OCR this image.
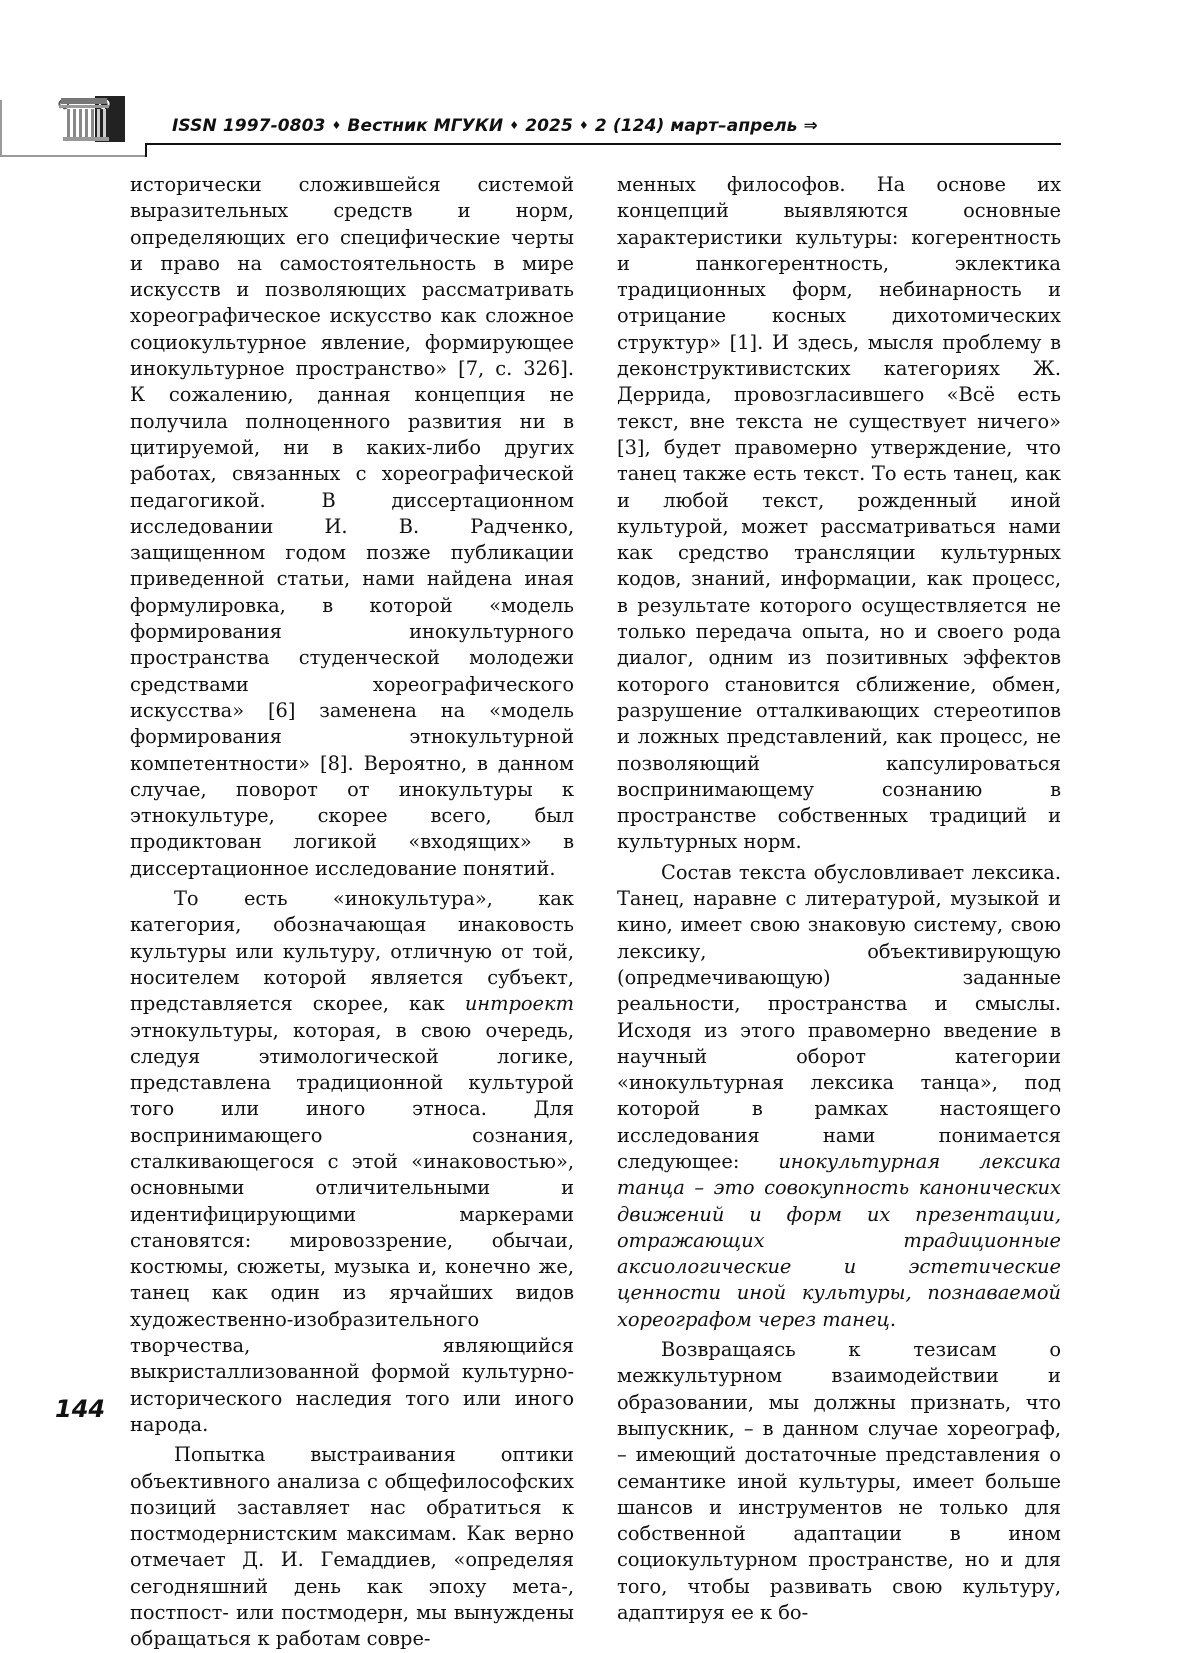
ISSN 1997-0803 ♦ Вестник МГУКИ ♦ 2025 ♦ 2 (124) март–апрель ⇒

исторически сложившейся системой выразительных средств и норм, определяющих его специфические черты и право на самостоятельность в мире искусств и позволяющих рассматривать хореографическое искусство как сложное социокультурное явление, формирующее инокультурное пространство» [7, с. 326]. К сожалению, данная концепция не получила полноценного развития ни в цитируемой, ни в каких-либо других работах, связанных с хореографической педагогикой. В диссертационном исследовании И. В. Радченко, защищенном годом позже публикации приведенной статьи, нами найдена иная формулировка, в которой «модель формирования инокультурного пространства студенческой молодежи средствами хореографического искусства» [6] заменена на «модель формирования этнокультурной компетентности» [8]. Вероятно, в данном случае, поворот от инокультуры к этнокультуре, скорее всего, был продиктован логикой «входящих» в диссертационное исследование понятий.

То есть «инокультура», как категория, обозначающая инаковость культуры или культуру, отличную от той, носителем которой является субъект, представляется скорее, как интроект этнокультуры, которая, в свою очередь, следуя этимологической логике, представлена традиционной культурой того или иного этноса. Для воспринимающего сознания, сталкивающегося с этой «инаковостью», основными отличительными и идентифицирующими маркерами становятся: мировоззрение, обычаи, костюмы, сюжеты, музыка и, конечно же, танец как один из ярчайших видов художественно-изобразительного творчества, являющийся выкристаллизованной формой культурно-исторического наследия того или иного народа.

Попытка выстраивания оптики объективного анализа с общефилософских позиций заставляет нас обратиться к постмодернистским максимам. Как верно отмечает Д. И. Гемаддиев, «определяя сегодняшний день как эпоху мета-, постпост- или постмодерн, мы вынуждены обращаться к работам совре-

менных философов. На основе их концепций выявляются основные характеристики культуры: когерентность и панкогерентность, эклектика традиционных форм, небинарность и отрицание косных дихотомических структур» [1]. И здесь, мысля проблему в деконструктивистских категориях Ж. Деррида, провозгласившего «Всё есть текст, вне текста не существует ничего» [3], будет правомерно утверждение, что танец также есть текст. То есть танец, как и любой текст, рожденный иной культурой, может рассматриваться нами как средство трансляции культурных кодов, знаний, информации, как процесс, в результате которого осуществляется не только передача опыта, но и своего рода диалог, одним из позитивных эффектов которого становится сближение, обмен, разрушение отталкивающих стереотипов и ложных представлений, как процесс, не позволяющий капсулироваться воспринимающему сознанию в пространстве собственных традиций и культурных норм.

Состав текста обусловливает лексика. Танец, наравне с литературой, музыкой и кино, имеет свою знаковую систему, свою лексику, объективирующую (опредмечивающую) заданные реальности, пространства и смыслы. Исходя из этого правомерно введение в научный оборот категории «инокультурная лексика танца», под которой в рамках настоящего исследования нами понимается следующее: инокультурная лексика танца – это совокупность канонических движений и форм их презентации, отражающих традиционные аксиологические и эстетические ценности иной культуры, познаваемой хореографом через танец.

Возвращаясь к тезисам о межкультурном взаимодействии и образовании, мы должны признать, что выпускник, – в данном случае хореограф, – имеющий достаточные представления о семантике иной культуры, имеет больше шансов и инструментов не только для собственной адаптации в ином социокультурном пространстве, но и для того, чтобы развивать свою культуру, адаптируя ее к бо-

144
